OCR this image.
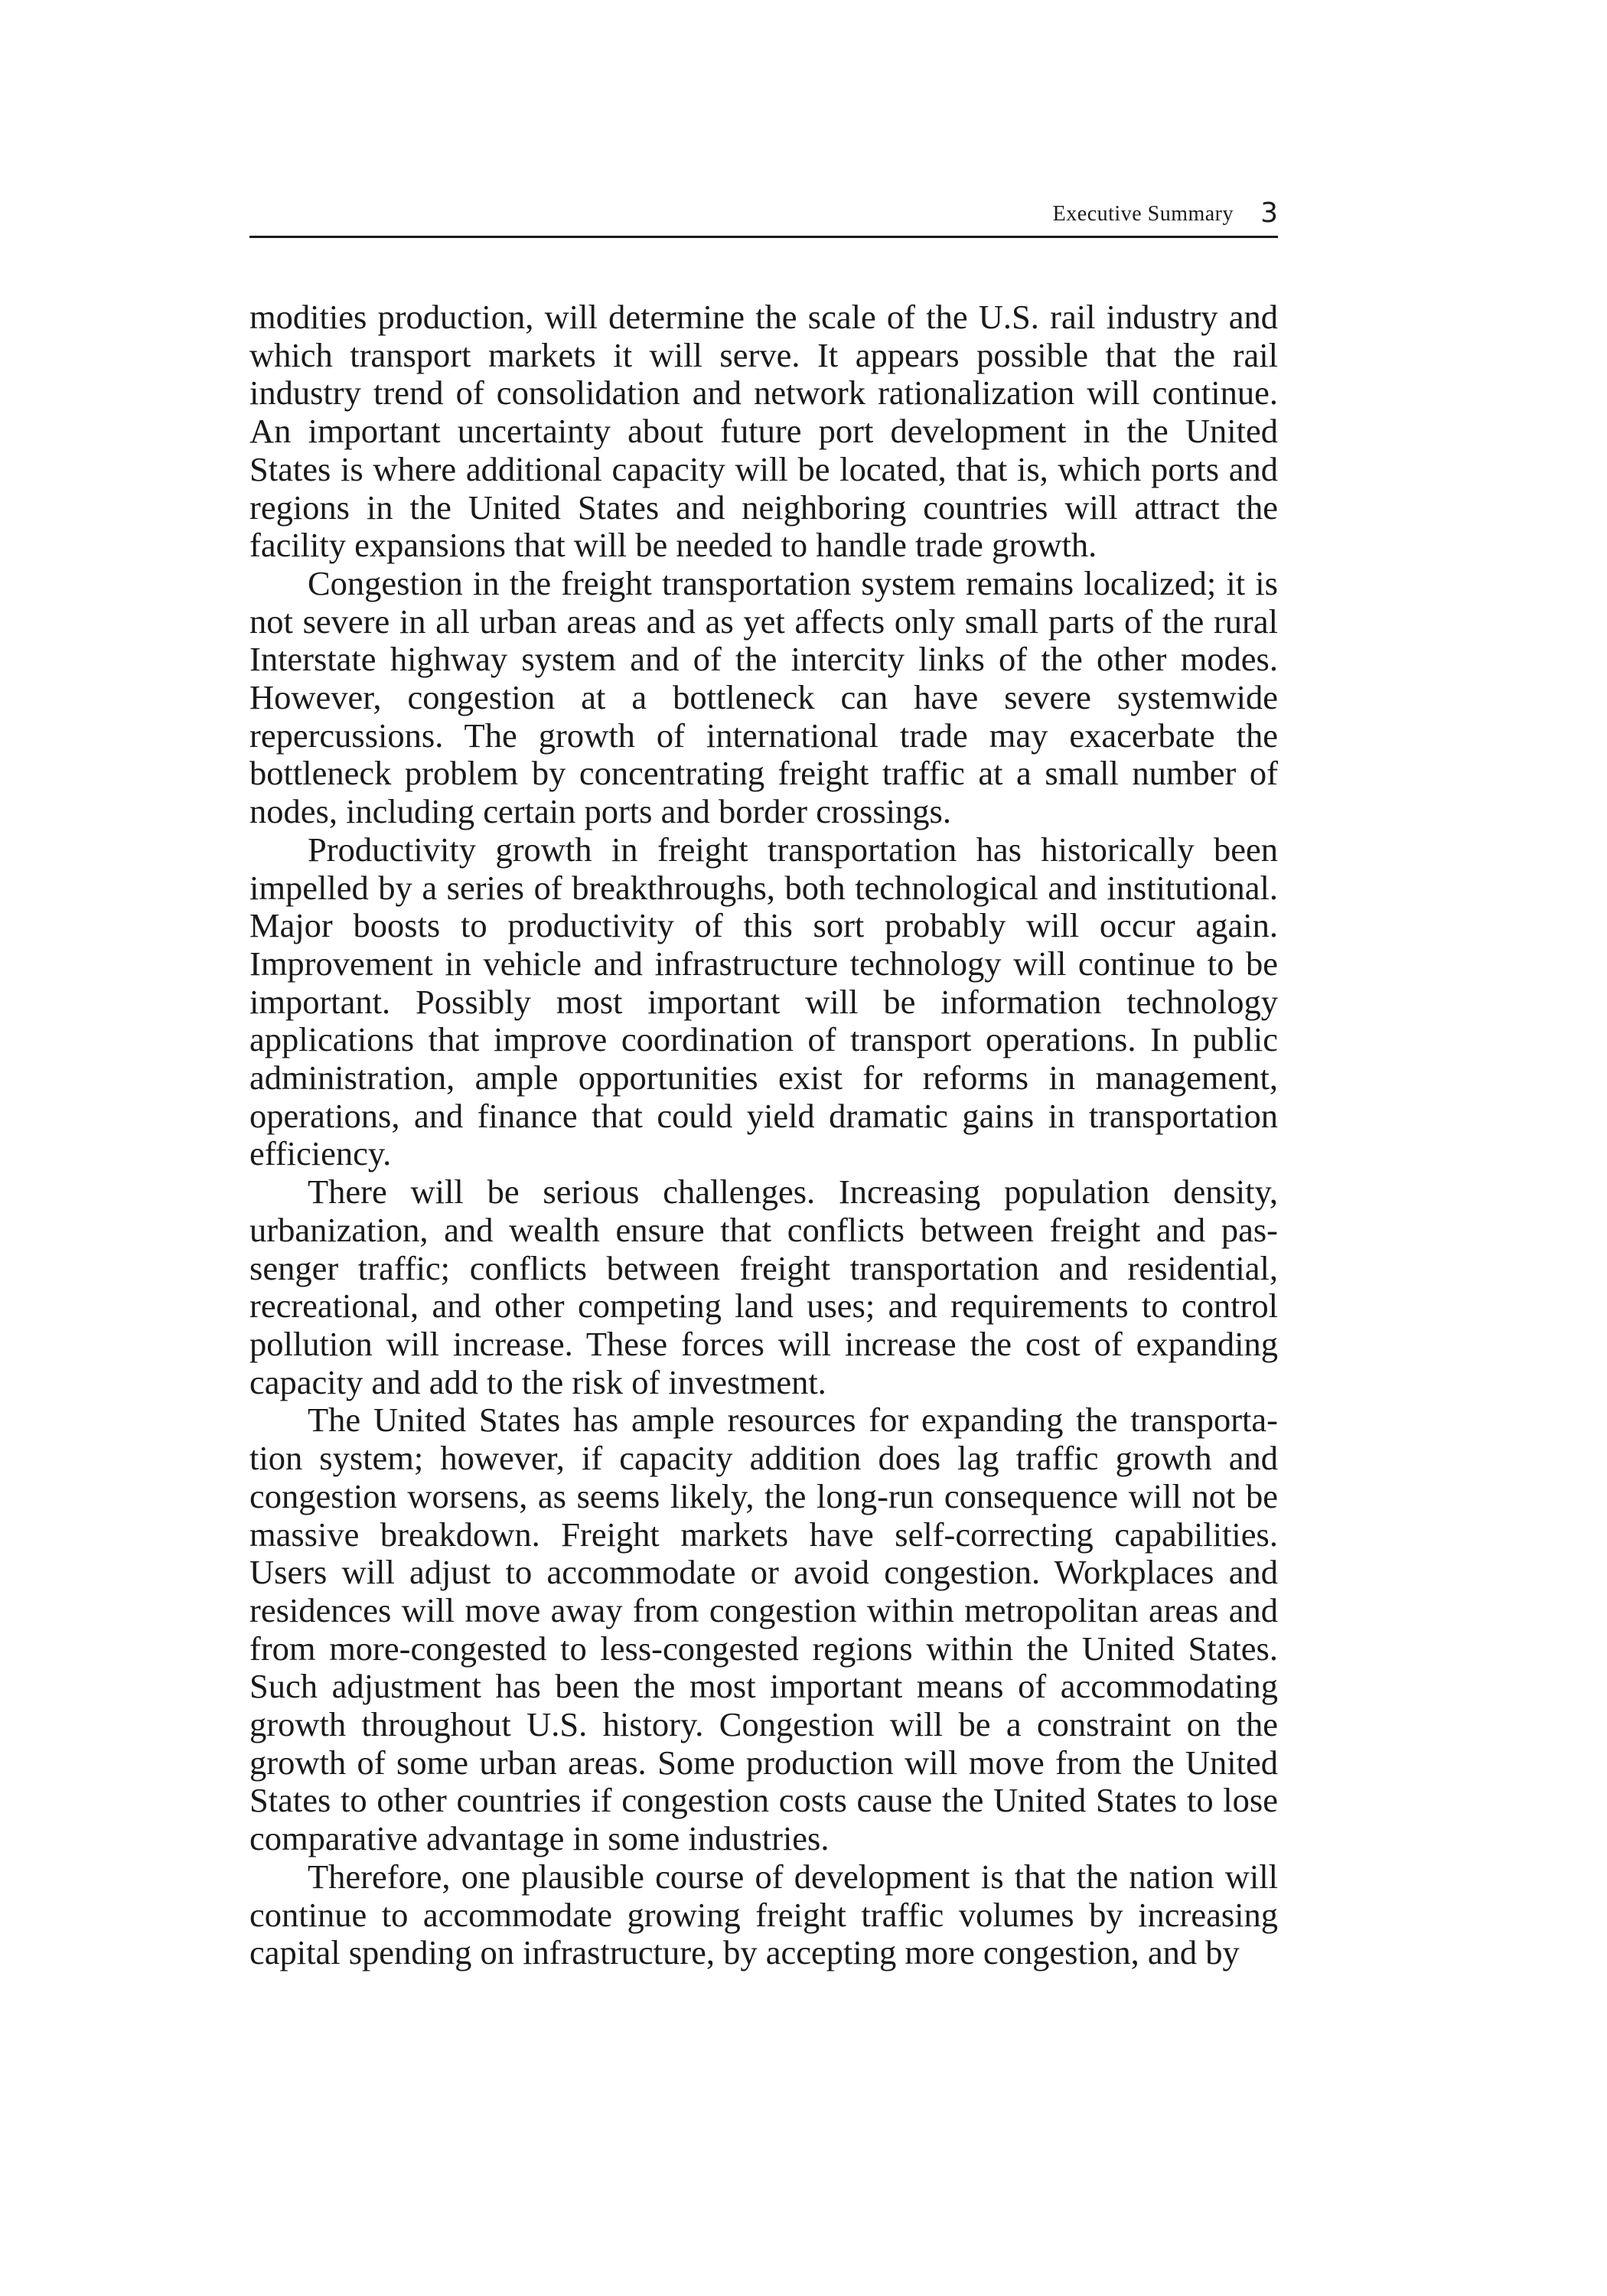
Executive Summary 3

modities production, will determine the scale of the U.S. rail industry and which transport markets it will serve. It appears possible that the rail industry trend of consolidation and network rationalization will continue. An important uncertainty about future port development in the United States is where additional capacity will be located, that is, which ports and regions in the United States and neighboring countries will attract the facility expansions that will be needed to handle trade growth.

Congestion in the freight transportation system remains localized; it is not severe in all urban areas and as yet affects only small parts of the rural Interstate highway system and of the intercity links of the other modes. However, congestion at a bottleneck can have severe systemwide repercussions. The growth of international trade may exacerbate the bottleneck problem by concentrating freight traffic at a small number of nodes, including certain ports and border crossings.

Productivity growth in freight transportation has historically been impelled by a series of breakthroughs, both technological and institutional. Major boosts to productivity of this sort probably will occur again. Improvement in vehicle and infrastructure technology will continue to be important. Possibly most important will be information technology applications that improve coordination of transport operations. In public administration, ample opportunities exist for reforms in management, operations, and finance that could yield dramatic gains in transportation efficiency.

There will be serious challenges. Increasing population density, urbanization, and wealth ensure that conflicts between freight and passenger traffic; conflicts between freight transportation and residential, recreational, and other competing land uses; and requirements to control pollution will increase. These forces will increase the cost of expanding capacity and add to the risk of investment.

The United States has ample resources for expanding the transportation system; however, if capacity addition does lag traffic growth and congestion worsens, as seems likely, the long-run consequence will not be massive breakdown. Freight markets have self-correcting capabilities. Users will adjust to accommodate or avoid congestion. Workplaces and residences will move away from congestion within metropolitan areas and from more-congested to less-congested regions within the United States. Such adjustment has been the most important means of accommodating growth throughout U.S. history. Congestion will be a constraint on the growth of some urban areas. Some production will move from the United States to other countries if congestion costs cause the United States to lose comparative advantage in some industries.

Therefore, one plausible course of development is that the nation will continue to accommodate growing freight traffic volumes by increasing capital spending on infrastructure, by accepting more congestion, and by
